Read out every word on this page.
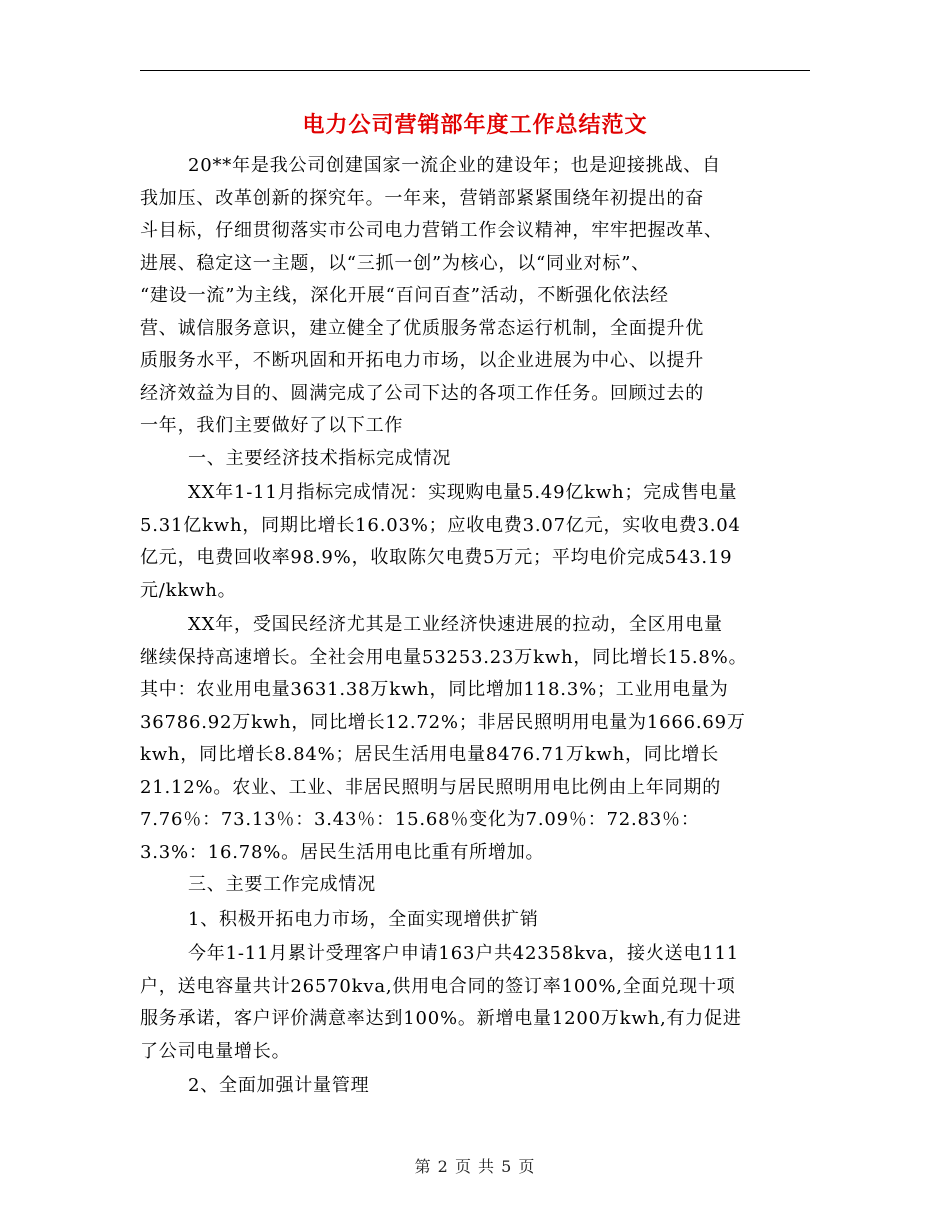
电力公司营销部年度工作总结范文
20**年是我公司创建国家一流企业的建设年；也是迎接挑战、自
我加压、改革创新的探究年。一年来，营销部紧紧围绕年初提出的奋
斗目标，仔细贯彻落实市公司电力营销工作会议精神，牢牢把握改革、
进展、稳定这一主题，以“三抓一创”为核心，以“同业对标”、
“建设一流”为主线，深化开展“百问百查”活动，不断强化依法经
营、诚信服务意识，建立健全了优质服务常态运行机制，全面提升优
质服务水平，不断巩固和开拓电力市场，以企业进展为中心、以提升
经济效益为目的、圆满完成了公司下达的各项工作任务。回顾过去的
一年，我们主要做好了以下工作
一、主要经济技术指标完成情况
XX年1-11月指标完成情况：实现购电量5.49亿kwh；完成售电量
5.31亿kwh，同期比增长16.03%；应收电费3.07亿元，实收电费3.04
亿元，电费回收率98.9%，收取陈欠电费5万元；平均电价完成543.19
元/kkwh。
XX年，受国民经济尤其是工业经济快速进展的拉动，全区用电量
继续保持高速增长。全社会用电量53253.23万kwh，同比增长15.8%。
其中：农业用电量3631.38万kwh，同比增加118.3%；工业用电量为
36786.92万kwh，同比增长12.72%；非居民照明用电量为1666.69万
kwh，同比增长8.84%；居民生活用电量8476.71万kwh，同比增长
21.12%。农业、工业、非居民照明与居民照明用电比例由上年同期的
7.76％：73.13％：3.43％：15.68％变化为7.09％：72.83％：
3.3%：16.78%。居民生活用电比重有所增加。
三、主要工作完成情况
1、积极开拓电力市场，全面实现增供扩销
今年1-11月累计受理客户申请163户共42358kva，接火送电111
户，送电容量共计26570kva,供用电合同的签订率100%,全面兑现十项
服务承诺，客户评价满意率达到100%。新增电量1200万kwh,有力促进
了公司电量增长。
2、全面加强计量管理
第 2 页 共 5 页
